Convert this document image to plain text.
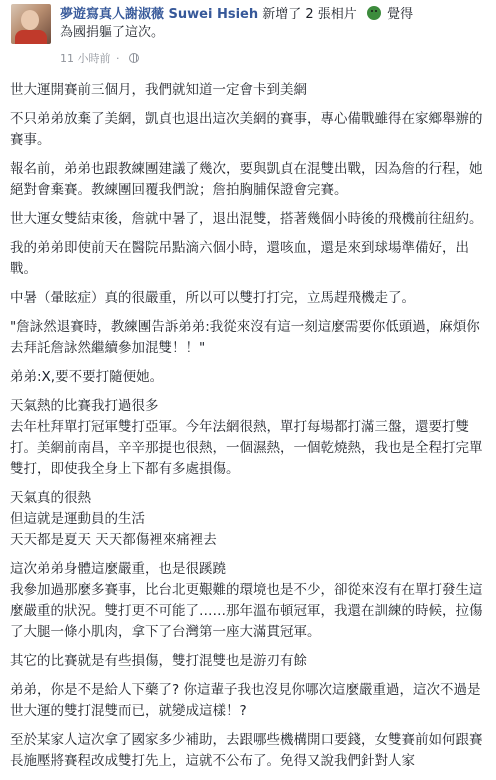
夢遊寫真人謝淑薇 Suwei Hsieh 新增了 2 張相片 覺得
為國捐軀了這次。
11 小時前 ·

世大運開賽前三個月，我們就知道一定會卡到美網

不只弟弟放棄了美網，凱貞也退出這次美網的賽事，專心備戰雖得在家鄉舉辦的賽事。

報名前，弟弟也跟教練團建議了幾次，要與凱貞在混雙出戰，因為詹的行程，她絕對會棄賽。教練團回覆我們說；詹拍胸脯保證會完賽。

世大運女雙結束後，詹就中暑了，退出混雙，搭著幾個小時後的飛機前往紐約。

我的弟弟即使前天在醫院吊點滴六個小時，還咳血，還是來到球場準備好，出戰。

中暑（暈眩症）真的很嚴重，所以可以雙打打完，立馬趕飛機走了。

"詹詠然退賽時，教練團告訴弟弟:我從來沒有這一刻這麼需要你低頭過，麻煩你去拜託詹詠然繼續參加混雙！！"

弟弟:X,要不要打隨便她。

天氣熱的比賽我打過很多
去年杜拜單打冠軍雙打亞軍。今年法網很熱，單打每場都打滿三盤，還要打雙打。美網前南昌，辛辛那提也很熱，一個濕熱，一個乾燒熱，我也是全程打完單雙打，即使我全身上下都有多處損傷。

天氣真的很熱
但這就是運動員的生活
天天都是夏天 天天都傷裡來痛裡去

這次弟弟身體這麼嚴重，也是很蹊蹺
我參加過那麼多賽事，比台北更艱難的環境也是不少，卻從來沒有在單打發生這麼嚴重的狀況。雙打更不可能了……那年溫布頓冠軍，我還在訓練的時候，拉傷了大腿一條小肌肉，拿下了台灣第一座大滿貫冠軍。

其它的比賽就是有些損傷，雙打混雙也是游刃有餘

弟弟，你是不是給人下藥了? 你這輩子我也沒見你哪次這麼嚴重過，這次不過是世大運的雙打混雙而已，就變成這樣！?

至於某家人這次拿了國家多少補助，去跟哪些機構開口要錢，女雙賽前如何跟賽長施壓將賽程改成雙打先上，這就不公布了。免得又說我們針對人家
